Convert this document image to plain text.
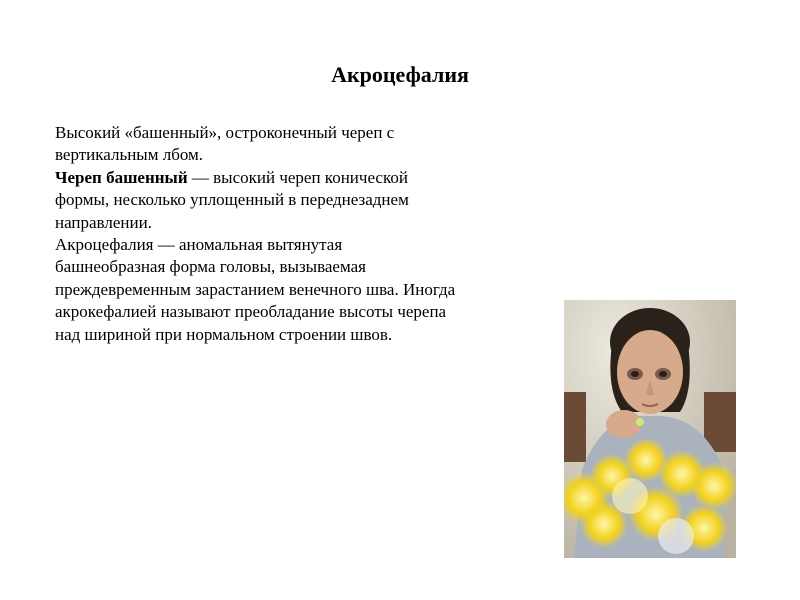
Акроцефалия
Высокий «башенный», остроконечный череп с
вертикальным лбом.
Череп башенный — высокий череп конической
формы, несколько уплощенный в переднезаднем
направлении.
Акроцефалия — аномальная вытянутая
башнеобразная форма головы, вызываемая
преждевременным зарастанием венечного шва. Иногда
акрокефалией называют преобладание высоты черепа
над шириной при нормальном строении швов.
